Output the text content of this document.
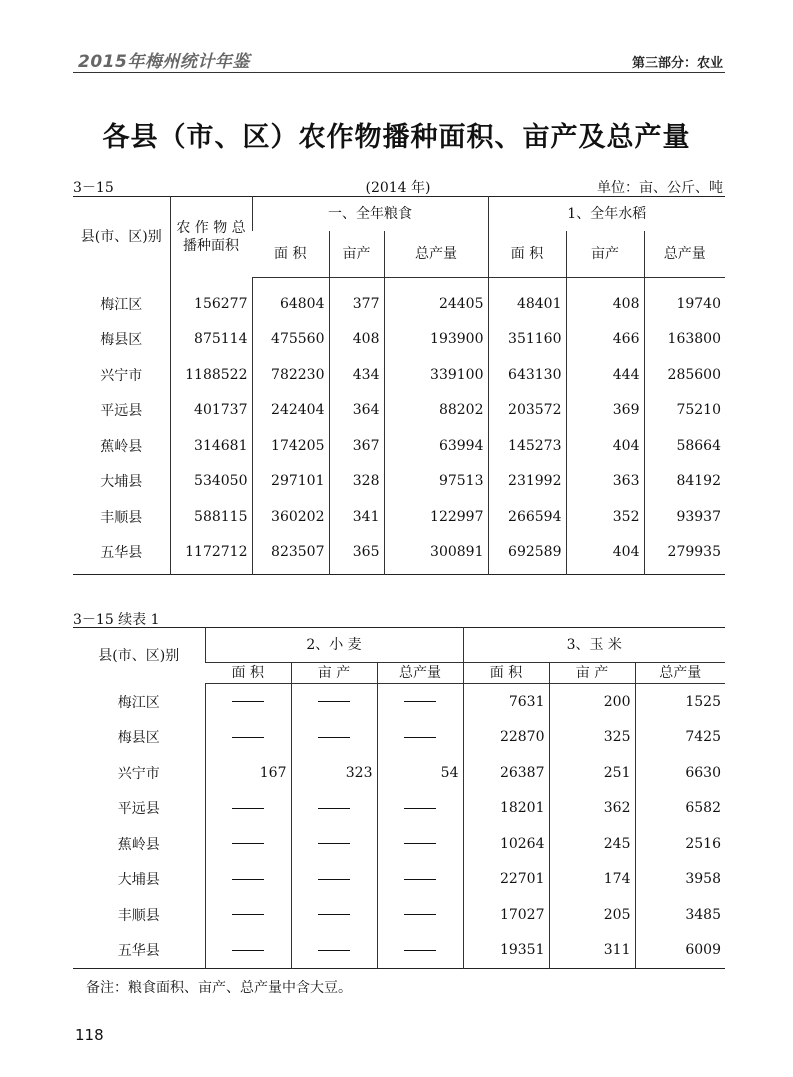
2015年梅州统计年鉴	第三部分：农业
各县（市、区）农作物播种面积、亩产及总产量
3－15	(2014 年)	单位：亩、公斤、吨
县(市、区)别	农 作 物 总播种面积	一、全年粮食			1、全年水稻		
		面 积	亩产	总产量	面 积	亩产	总产量
梅江区	156277	64804	377	24405	48401	408	19740
梅县区	875114	475560	408	193900	351160	466	163800
兴宁市	1188522	782230	434	339100	643130	444	285600
平远县	401737	242404	364	88202	203572	369	75210
蕉岭县	314681	174205	367	63994	145273	404	58664
大埔县	534050	297101	328	97513	231992	363	84192
丰顺县	588115	360202	341	122997	266594	352	93937
五华县	1172712	823507	365	300891	692589	404	279935
3－15 续表 1
县(市、区)别	2、小 麦			3、玉 米		
	面 积	亩 产	总产量	面 积	亩 产	总产量
梅江区				7631	200	1525
梅县区				22870	325	7425
兴宁市	167	323	54	26387	251	6630
平远县				18201	362	6582
蕉岭县				10264	245	2516
大埔县				22701	174	3958
丰顺县				17027	205	3485
五华县				19351	311	6009
备注：粮食面积、亩产、总产量中含大豆。
118
